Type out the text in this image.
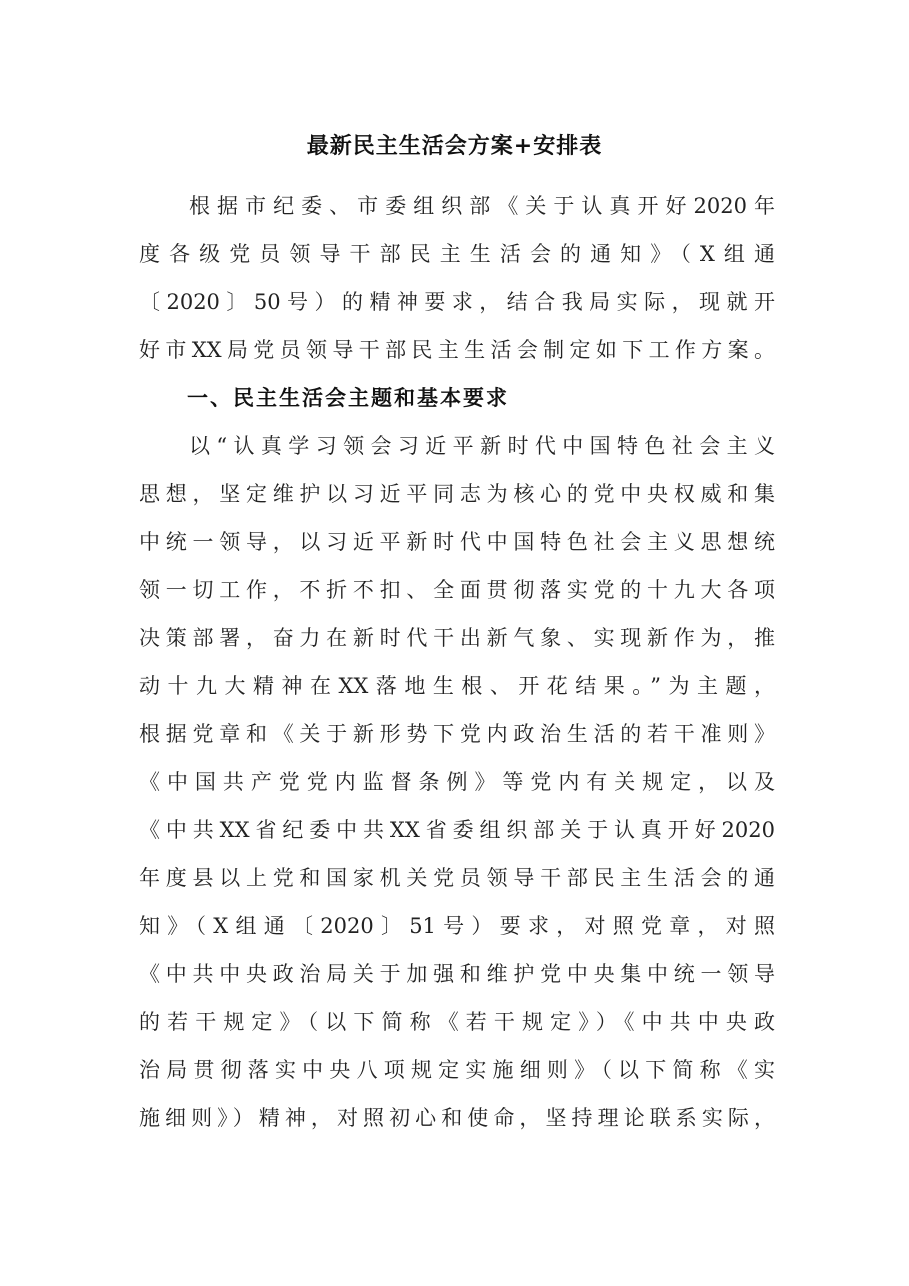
最新民主生活会方案+安排表
根据市纪委、市委组织部《关于认真开好2020年
度各级党员领导干部民主生活会的通知》（X组通
〔2020〕50号）的精神要求，结合我局实际，现就开
好市XX局党员领导干部民主生活会制定如下工作方案。
一、民主生活会主题和基本要求
以“认真学习领会习近平新时代中国特色社会主义
思想，坚定维护以习近平同志为核心的党中央权威和集
中统一领导，以习近平新时代中国特色社会主义思想统
领一切工作，不折不扣、全面贯彻落实党的十九大各项
决策部署，奋力在新时代干出新气象、实现新作为，推
动十九大精神在XX落地生根、开花结果。”为主题，
根据党章和《关于新形势下党内政治生活的若干准则》
《中国共产党党内监督条例》等党内有关规定，以及
《中共XX省纪委中共XX省委组织部关于认真开好2020
年度县以上党和国家机关党员领导干部民主生活会的通
知》（X组通〔2020〕51号）要求，对照党章，对照
《中共中央政治局关于加强和维护党中央集中统一领导
的若干规定》（以下简称《若干规定》）《中共中央政
治局贯彻落实中央八项规定实施细则》（以下简称《实
施细则》）精神，对照初心和使命，坚持理论联系实际，
